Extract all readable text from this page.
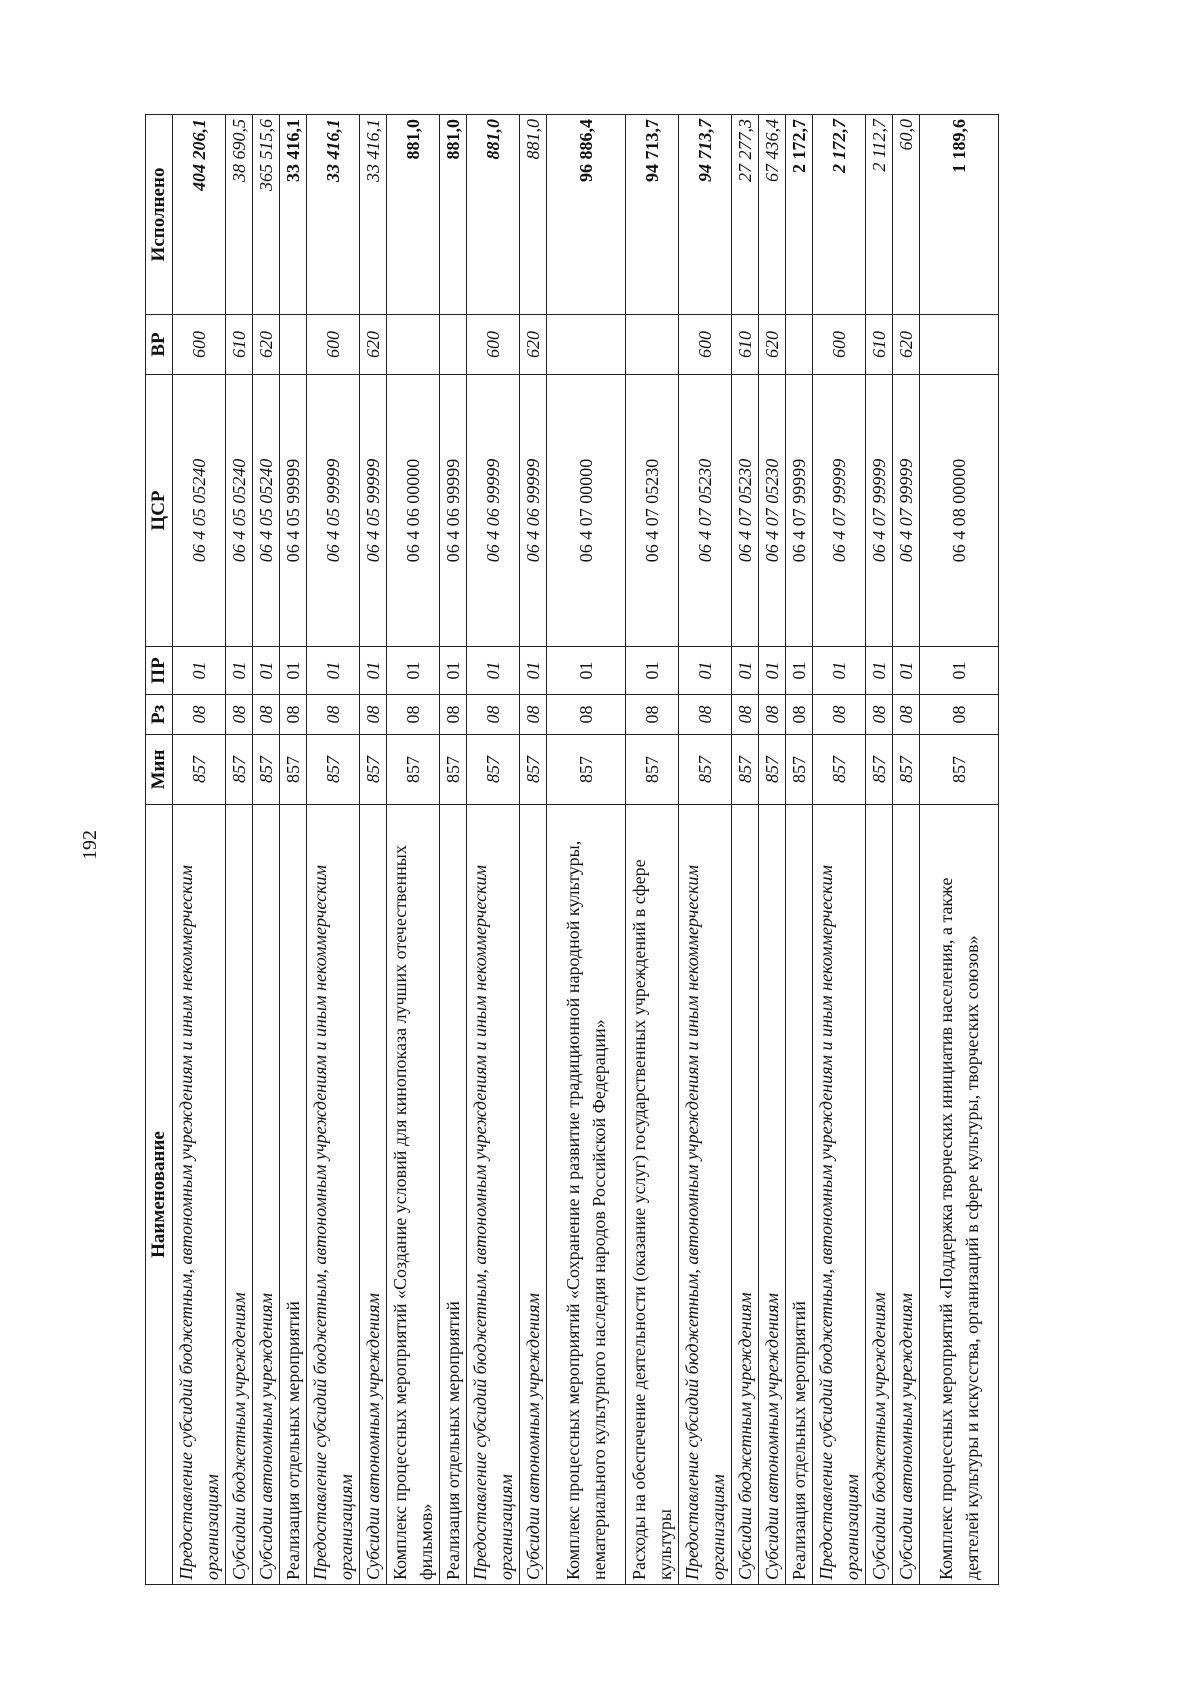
192
Наименование	Мин	Рз	ПР	ЦСР	ВР	Исполнено
Предоставление субсидий бюджетным, автономным учреждениям и иным некоммерческим организациям	857	08	01	06 4 05 05240	600	404 206,1
Субсидии бюджетным учреждениям	857	08	01	06 4 05 05240	610	38 690,5
Субсидии автономным учреждениям	857	08	01	06 4 05 05240	620	365 515,6
Реализация отдельных мероприятий	857	08	01	06 4 05 99999		33 416,1
Предоставление субсидий бюджетным, автономным учреждениям и иным некоммерческим организациям	857	08	01	06 4 05 99999	600	33 416,1
Субсидии автономным учреждениям	857	08	01	06 4 05 99999	620	33 416,1
Комплекс процессных мероприятий «Создание условий для кинопоказа лучших отечественных фильмов»	857	08	01	06 4 06 00000		881,0
Реализация отдельных мероприятий	857	08	01	06 4 06 99999		881,0
Предоставление субсидий бюджетным, автономным учреждениям и иным некоммерческим организациям	857	08	01	06 4 06 99999	600	881,0
Субсидии автономным учреждениям	857	08	01	06 4 06 99999	620	881,0
Комплекс процессных мероприятий «Сохранение и развитие традиционной народной культуры, нематериального культурного наследия народов Российской Федерации»	857	08	01	06 4 07 00000		96 886,4
Расходы на обеспечение деятельности (оказание услуг) государственных учреждений в сфере культуры	857	08	01	06 4 07 05230		94 713,7
Предоставление субсидий бюджетным, автономным учреждениям и иным некоммерческим организациям	857	08	01	06 4 07 05230	600	94 713,7
Субсидии бюджетным учреждениям	857	08	01	06 4 07 05230	610	27 277,3
Субсидии автономным учреждениям	857	08	01	06 4 07 05230	620	67 436,4
Реализация отдельных мероприятий	857	08	01	06 4 07 99999		2 172,7
Предоставление субсидий бюджетным, автономным учреждениям и иным некоммерческим организациям	857	08	01	06 4 07 99999	600	2 172,7
Субсидии бюджетным учреждениям	857	08	01	06 4 07 99999	610	2 112,7
Субсидии автономным учреждениям	857	08	01	06 4 07 99999	620	60,0
Комплекс процессных мероприятий «Поддержка творческих инициатив населения, а также деятелей культуры и искусства, организаций в сфере культуры, творческих союзов»	857	08	01	06 4 08 00000		1 189,6
